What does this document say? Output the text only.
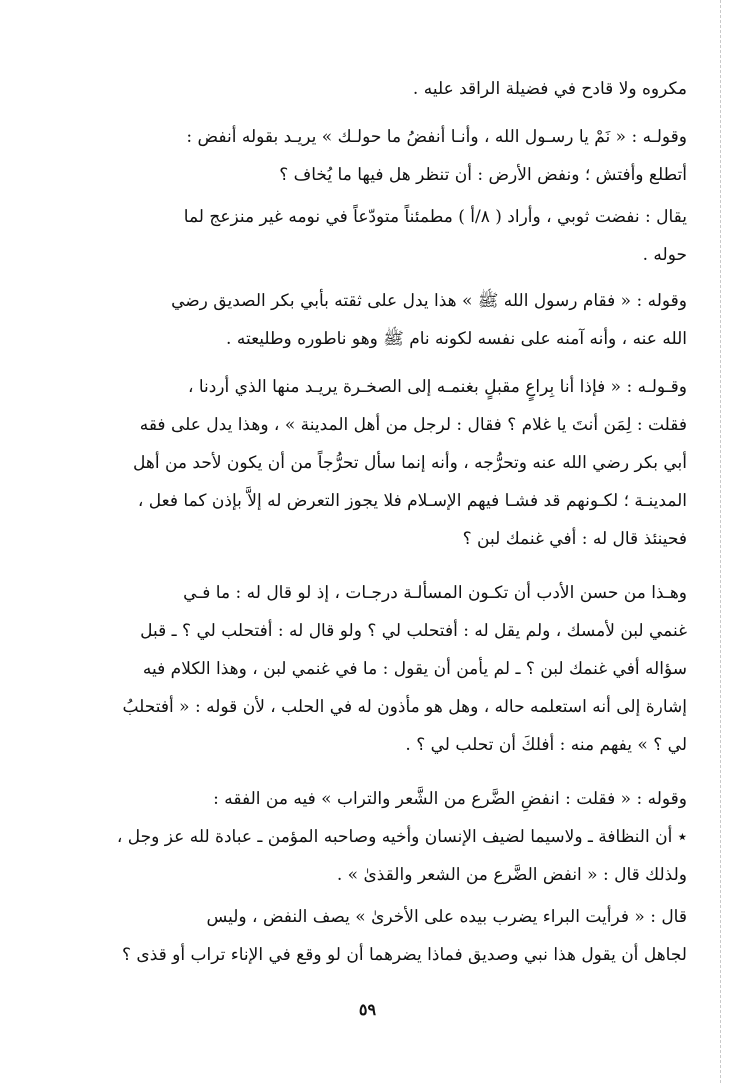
مكروه ولا قادح في فضيلة الراقد عليه .
وقولـه : « نَمْ يا رسـول الله ، وأنـا أنفضُ ما حولـك » يريـد بقوله أنفض :
أتطلع وأفتش ؛ ونفض الأرض : أن تنظر هل فيها ما يُخاف ؟
يقال : نفضت ثوبي ، وأراد ( ٨/أ ) مطمئناً متودّعاً في نومه غير منزعج لما
حوله .
وقوله : « فقام رسول الله ﷺ » هذا يدل على ثقته بأبي بكر الصديق رضي
الله عنه ، وأنه آمنه على نفسه لكونه نام ﷺ وهو ناطوره وطليعته .
وقـولـه : « فإذا أنا بِراعٍ مقبلٍ بغنمـه إلى الصخـرة يريـد منها الذي أردنا ،
فقلت : لِمَن أنتَ يا غلام ؟ فقال : لرجل من أهل المدينة » ، وهذا يدل على فقه
أبي بكر رضي الله عنه وتحرُّجه ، وأنه إنما سأل تحرُّجاً من أن يكون لأحد من أهل
المدينـة ؛ لكـونهم قد فشـا فيهم الإسـلام فلا يجوز التعرض له إلاَّ بإذن كما فعل ،
فحينئذ قال له : أفي غنمك لبن ؟
وهـذا من حسن الأدب أن تكـون المسألـة درجـات ، إذ لو قال له : ما فـي
غنمي لبن لأمسك ، ولم يقل له : أفتحلب لي ؟ ولو قال له : أفتحلب لي ؟ ـ قبل
سؤاله أفي غنمك لبن ؟ ـ لم يأمن أن يقول : ما في غنمي لبن ، وهذا الكلام فيه
إشارة إلى أنه استعلمه حاله ، وهل هو مأذون له في الحلب ، لأن قوله : « أفتحلبُ
لي ؟ » يفهم منه : أفلكَ أن تحلب لي ؟ .
وقوله : « فقلت : انفضِ الضَّرع من الشَّعر والتراب » فيه من الفقه :
٭ أن النظافة ـ ولاسيما لضيف الإنسان وأخيه وصاحبه المؤمن ـ عبادة لله عز وجل ،
ولذلك قال : « انفض الضَّرع من الشعر والقذىٰ » .
قال : « فرأيت البراء يضرب بيده على الأخرىٰ » يصف النفض ، وليس
لجاهل أن يقول هذا نبي وصديق فماذا يضرهما أن لو وقع في الإناء تراب أو قذى ؟
٥٩
